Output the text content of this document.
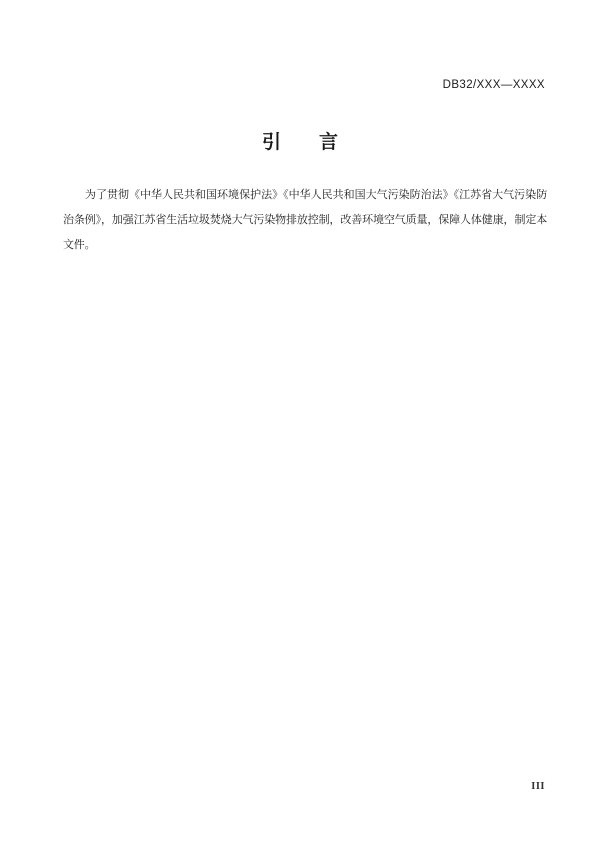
DB32/XXX—XXXX
引　　言

为了贯彻《中华人民共和国环境保护法》《中华人民共和国大气污染防治法》《江苏省大气污染防治条例》，加强江苏省生活垃圾焚烧大气污染物排放控制，改善环境空气质量，保障人体健康，制定本文件。

III
